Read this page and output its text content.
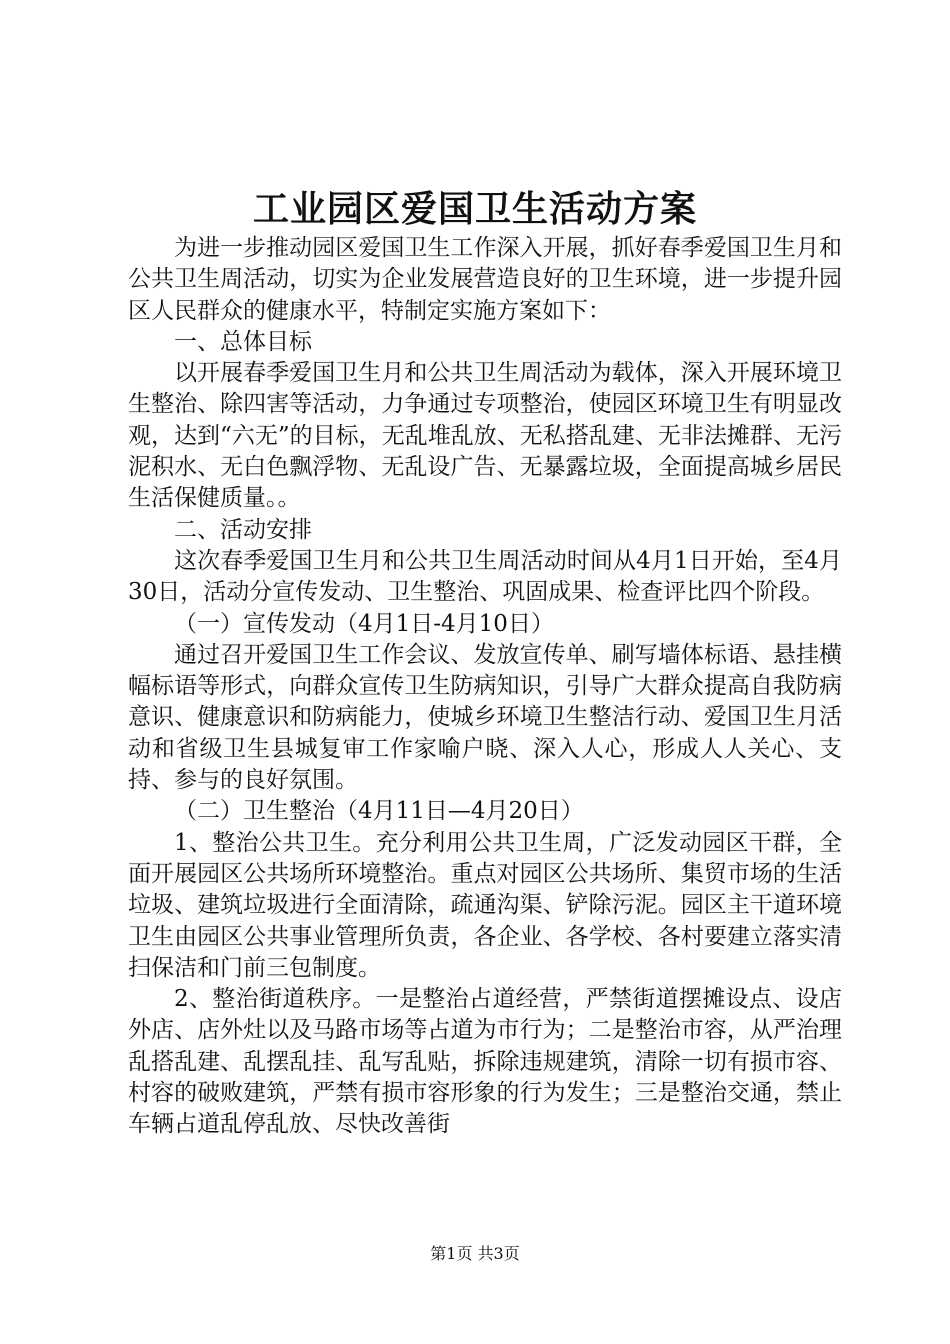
工业园区爱国卫生活动方案

为进一步推动园区爱国卫生工作深入开展，抓好春季爱国卫生月和公共卫生周活动，切实为企业发展营造良好的卫生环境，进一步提升园区人民群众的健康水平，特制定实施方案如下：

一、总体目标

以开展春季爱国卫生月和公共卫生周活动为载体，深入开展环境卫生整治、除四害等活动，力争通过专项整治，使园区环境卫生有明显改观，达到“六无”的目标，无乱堆乱放、无私搭乱建、无非法摊群、无污泥积水、无白色飘浮物、无乱设广告、无暴露垃圾，全面提高城乡居民生活保健质量。。

二、活动安排

这次春季爱国卫生月和公共卫生周活动时间从4月1日开始，至4月30日，活动分宣传发动、卫生整治、巩固成果、检查评比四个阶段。

（一）宣传发动（4月1日-4月10日）

通过召开爱国卫生工作会议、发放宣传单、刷写墙体标语、悬挂横幅标语等形式，向群众宣传卫生防病知识，引导广大群众提高自我防病意识、健康意识和防病能力，使城乡环境卫生整洁行动、爱国卫生月活动和省级卫生县城复审工作家喻户晓、深入人心，形成人人关心、支持、参与的良好氛围。

（二）卫生整治（4月11日—4月20日）

1、整治公共卫生。充分利用公共卫生周，广泛发动园区干群，全面开展园区公共场所环境整治。重点对园区公共场所、集贸市场的生活垃圾、建筑垃圾进行全面清除，疏通沟渠、铲除污泥。园区主干道环境卫生由园区公共事业管理所负责，各企业、各学校、各村要建立落实清扫保洁和门前三包制度。

2、整治街道秩序。一是整治占道经营，严禁街道摆摊设点、设店外店、店外灶以及马路市场等占道为市行为；二是整治市容，从严治理乱搭乱建、乱摆乱挂、乱写乱贴，拆除违规建筑，清除一切有损市容、村容的破败建筑，严禁有损市容形象的行为发生；三是整治交通，禁止车辆占道乱停乱放、尽快改善街

第1页 共3页
